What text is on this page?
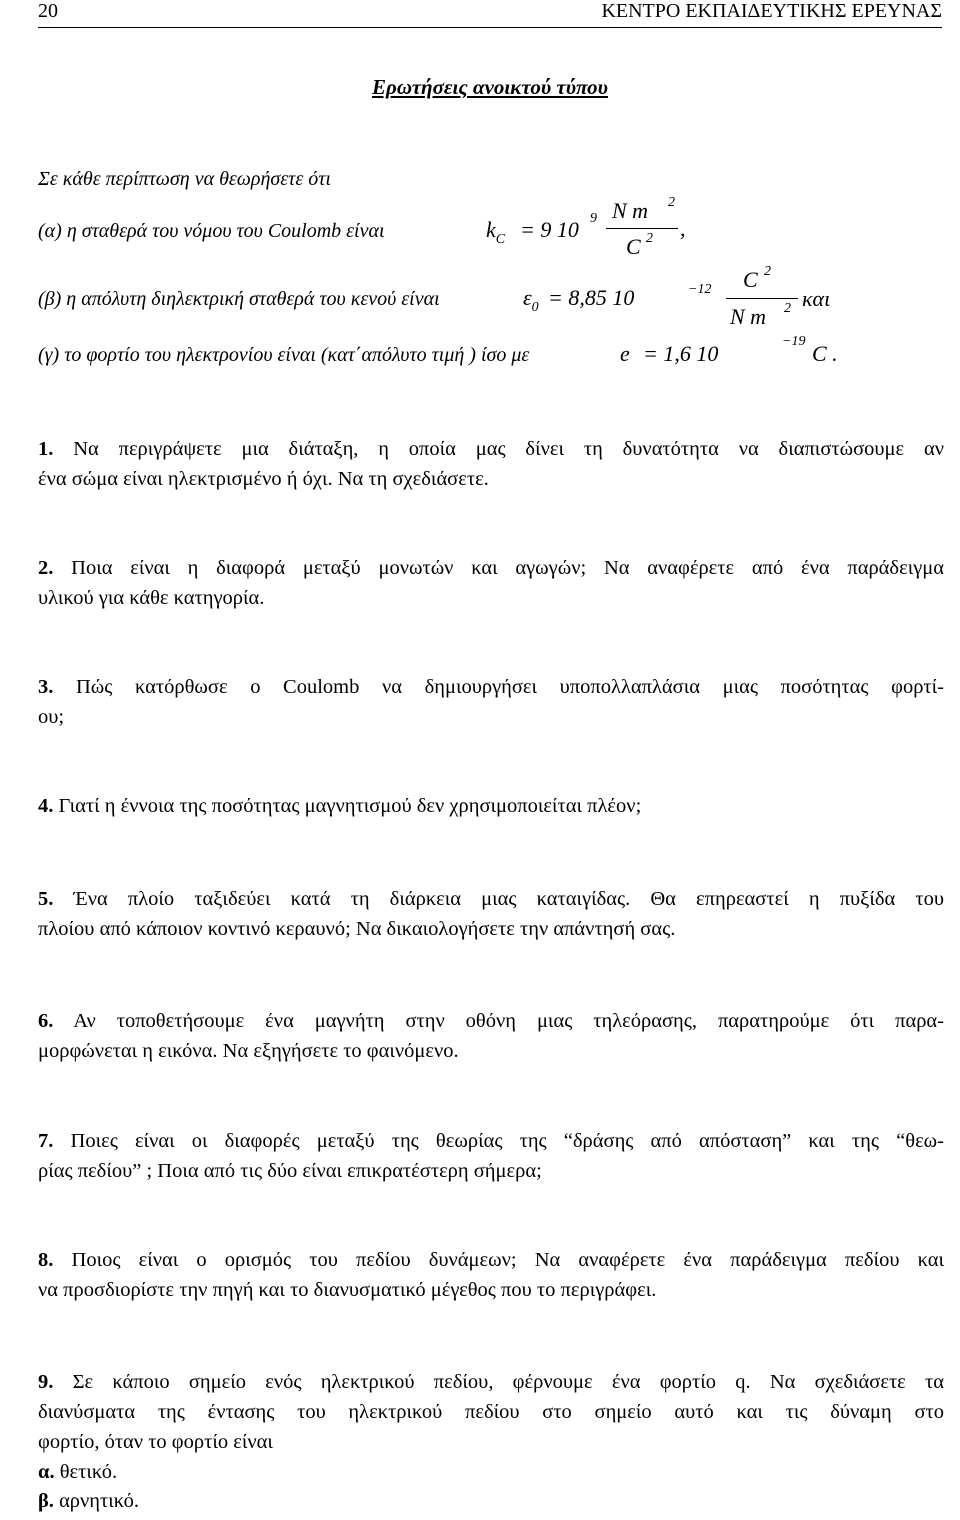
20	ΚΕΝΤΡΟ ΕΚΠΑΙΔΕΥΤΙΚΗΣ ΕΡΕΥΝΑΣ
Ερωτήσεις ανοικτού τύπου
Σε κάθε περίπτωση να θεωρήσετε ότι
(α) η σταθερά του νόμου του Coulomb είναι	$k_C = 9$ 10 9 N m 2
C 2 ,
(β) η απόλυτη διηλεκτρική σταθερά του κενού είναι	$\varepsilon_0 = 8,85$ 10	−12 C 2
N m 2 και
(γ) το φορτίο του ηλεκτρονίου είναι (κατ΄απόλυτο τιμή ) ίσο με	e = 1,6 10	−19 C .
1. Να περιγράψετε μια διάταξη, η οποία μας δίνει τη δυνατότητα να διαπιστώσουμε αν
ένα σώμα είναι ηλεκτρισμένο ή όχι. Να τη σχεδιάσετε.
2. Ποια είναι η διαφορά μεταξύ μονωτών και αγωγών; Να αναφέρετε από ένα παράδειγμα
υλικού για κάθε κατηγορία.
3. Πώς κατόρθωσε ο Coulomb να δημιουργήσει υποπολλαπλάσια μιας ποσότητας φορτί-
ου;
4. Γιατί η έννοια της ποσότητας μαγνητισμού δεν χρησιμοποιείται πλέον;
5. Ένα πλοίο ταξιδεύει κατά τη διάρκεια μιας καταιγίδας. Θα επηρεαστεί η πυξίδα του
πλοίου από κάποιον κοντινό κεραυνό; Να δικαιολογήσετε την απάντησή σας.
6. Αν τοποθετήσουμε ένα μαγνήτη στην οθόνη μιας τηλεόρασης, παρατηρούμε ότι παρα-
μορφώνεται η εικόνα. Να εξηγήσετε το φαινόμενο.
7. Ποιες είναι οι διαφορές μεταξύ της θεωρίας της “δράσης από απόσταση” και της “θεω-
ρίας πεδίου” ; Ποια από τις δύο είναι επικρατέστερη σήμερα;
8. Ποιος είναι ο ορισμός του πεδίου δυνάμεων; Να αναφέρετε ένα παράδειγμα πεδίου και
να προσδιορίστε την πηγή και το διανυσματικό μέγεθος που το περιγράφει.
9. Σε κάποιο σημείο ενός ηλεκτρικού πεδίου, φέρνουμε ένα φορτίο q. Να σχεδιάσετε τα
διανύσματα της έντασης του ηλεκτρικού πεδίου στο σημείο αυτό και τις δύναμη στο
φορτίο, όταν το φορτίο είναι
α. θετικό.
β. αρνητικό.
